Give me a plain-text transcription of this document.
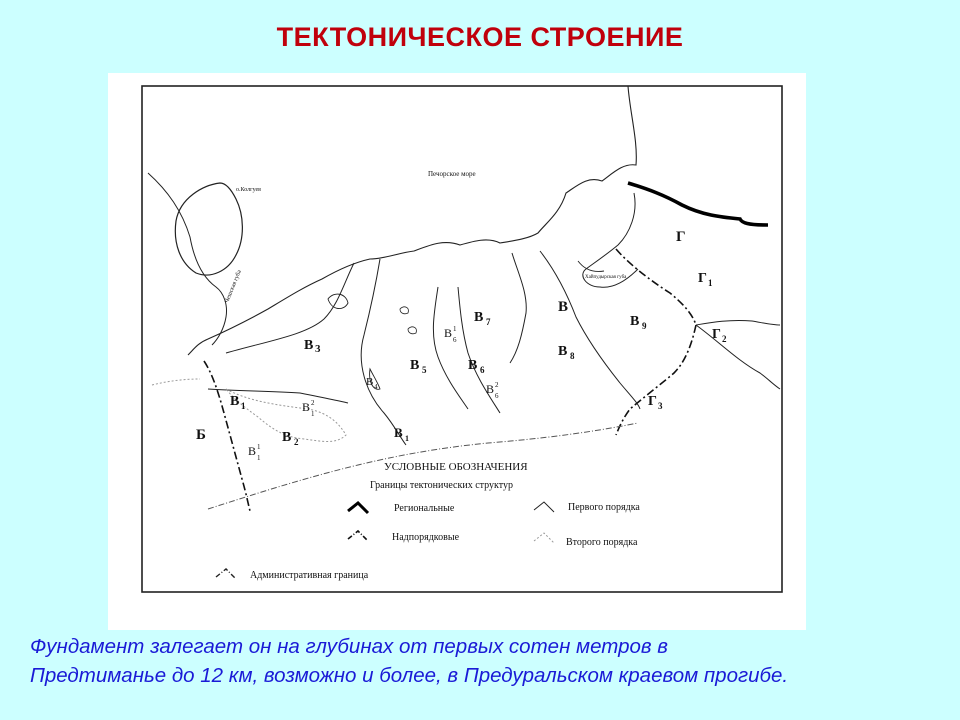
ТЕКТОНИЧЕСКОЕ СТРОЕНИЕ
о.Колгуев
Чешская губа	Хайпудырская губа
Печорское море
Г
Г 1
Г 2
Г 3
В
В 9
В 8
В 7
В 6
В 6
1
В 6
2
В 5
В 4
В 3
В 1	В 1
2
В 2
В 1
1
В 1
Б
УСЛОВНЫЕ ОБОЗНАЧЕНИЯ
Границы тектонических структур
Региональные	Первого порядка
Надпорядковые	Второго порядка
Административная граница
Фундамент залегает он на глубинах от первых сотен метров в
Предтиманье до 12 км, возможно и более, в Предуральском краевом прогибе.
